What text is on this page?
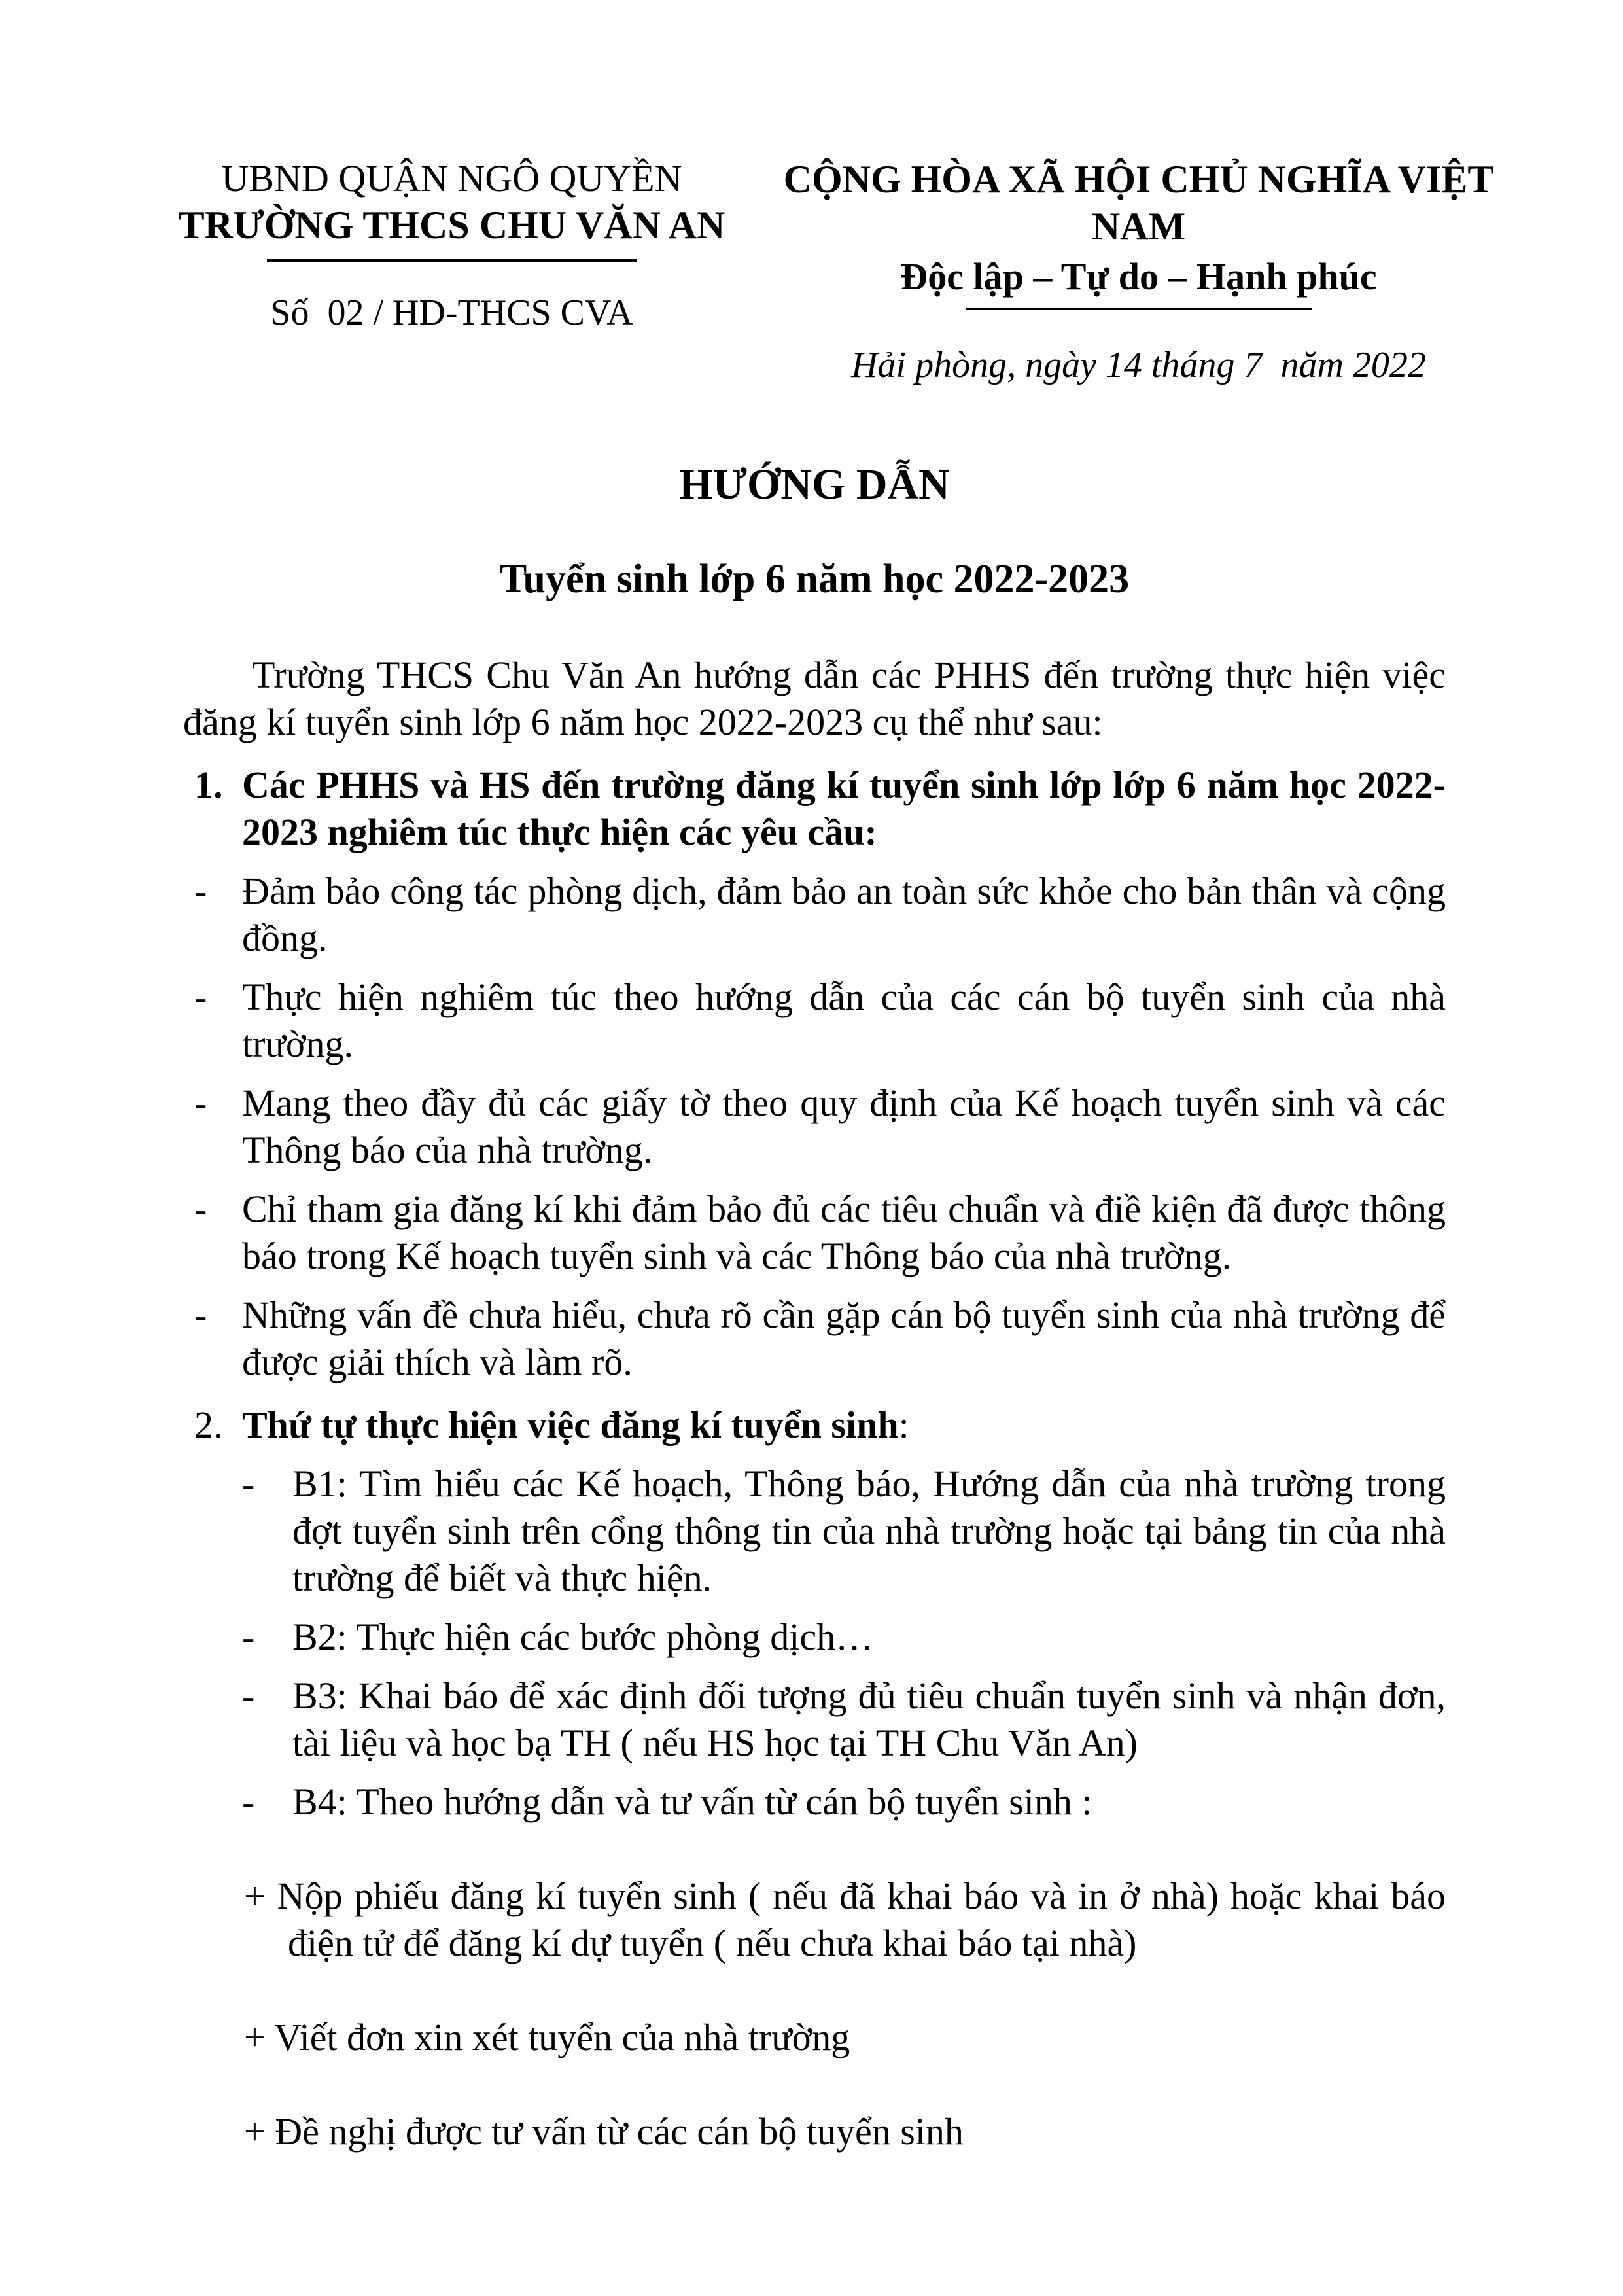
UBND QUẬN NGÔ QUYỀN
TRƯỜNG THCS CHU VĂN AN
Số  02 / HD-THCS CVA
CỘNG HÒA XÃ HỘI CHỦ NGHĨA VIỆT NAM
Độc lập – Tự do – Hạnh phúc
Hải phòng, ngày 14 tháng 7  năm 2022
HƯỚNG DẪN
Tuyển sinh lớp 6 năm học 2022-2023

Trường THCS Chu Văn An hướng dẫn các PHHS đến trường thực hiện việc đăng kí tuyển sinh lớp 6 năm học 2022-2023 cụ thể như sau:

1. Các PHHS và HS đến trường đăng kí tuyển sinh lớp lớp 6 năm học 2022-2023 nghiêm túc thực hiện các yêu cầu:
- Đảm bảo công tác phòng dịch, đảm bảo an toàn sức khỏe cho bản thân và cộng đồng.
- Thực hiện nghiêm túc theo hướng dẫn của các cán bộ tuyển sinh của nhà trường.
- Mang theo đầy đủ các giấy tờ theo quy định của Kế hoạch tuyển sinh và các Thông báo của nhà trường.
- Chỉ tham gia đăng kí khi đảm bảo đủ các tiêu chuẩn và điề kiện đã được thông báo trong Kế hoạch tuyển sinh và các Thông báo của nhà trường.
- Những vấn đề chưa hiểu, chưa rõ cần gặp cán bộ tuyển sinh của nhà trường để được giải thích và làm rõ.
2. Thứ tự thực hiện việc đăng kí tuyển sinh:
- B1: Tìm hiểu các Kế hoạch, Thông báo, Hướng dẫn của nhà trường trong đợt tuyển sinh trên cổng thông tin của nhà trường hoặc tại bảng tin của nhà trường để biết và thực hiện.
- B2: Thực hiện các bước phòng dịch…
- B3: Khai báo để xác định đối tượng đủ tiêu chuẩn tuyển sinh và nhận đơn, tài liệu và học bạ TH ( nếu HS học tại TH Chu Văn An)
- B4: Theo hướng dẫn và tư vấn từ cán bộ tuyển sinh :

+ Nộp phiếu đăng kí tuyển sinh ( nếu đã khai báo và in ở nhà) hoặc khai báo điện tử để đăng kí dự tuyển ( nếu chưa khai báo tại nhà)

+ Viết đơn xin xét tuyển của nhà trường

+ Đề nghị được tư vấn từ các cán bộ tuyển sinh
